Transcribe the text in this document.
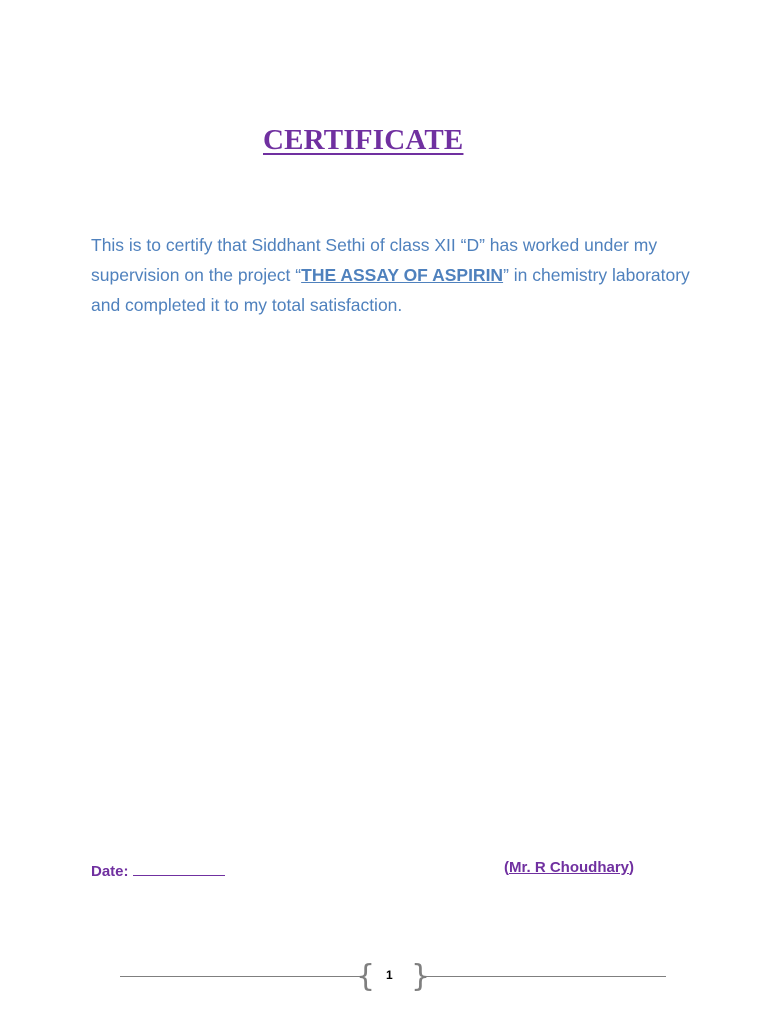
CERTIFICATE

This is to certify that Siddhant Sethi of class XII “D” has worked under my supervision on the project “THE ASSAY OF ASPIRIN” in chemistry laboratory and completed it to my total satisfaction.

Date:	(Mr. R Choudhary)
{ 1 }
